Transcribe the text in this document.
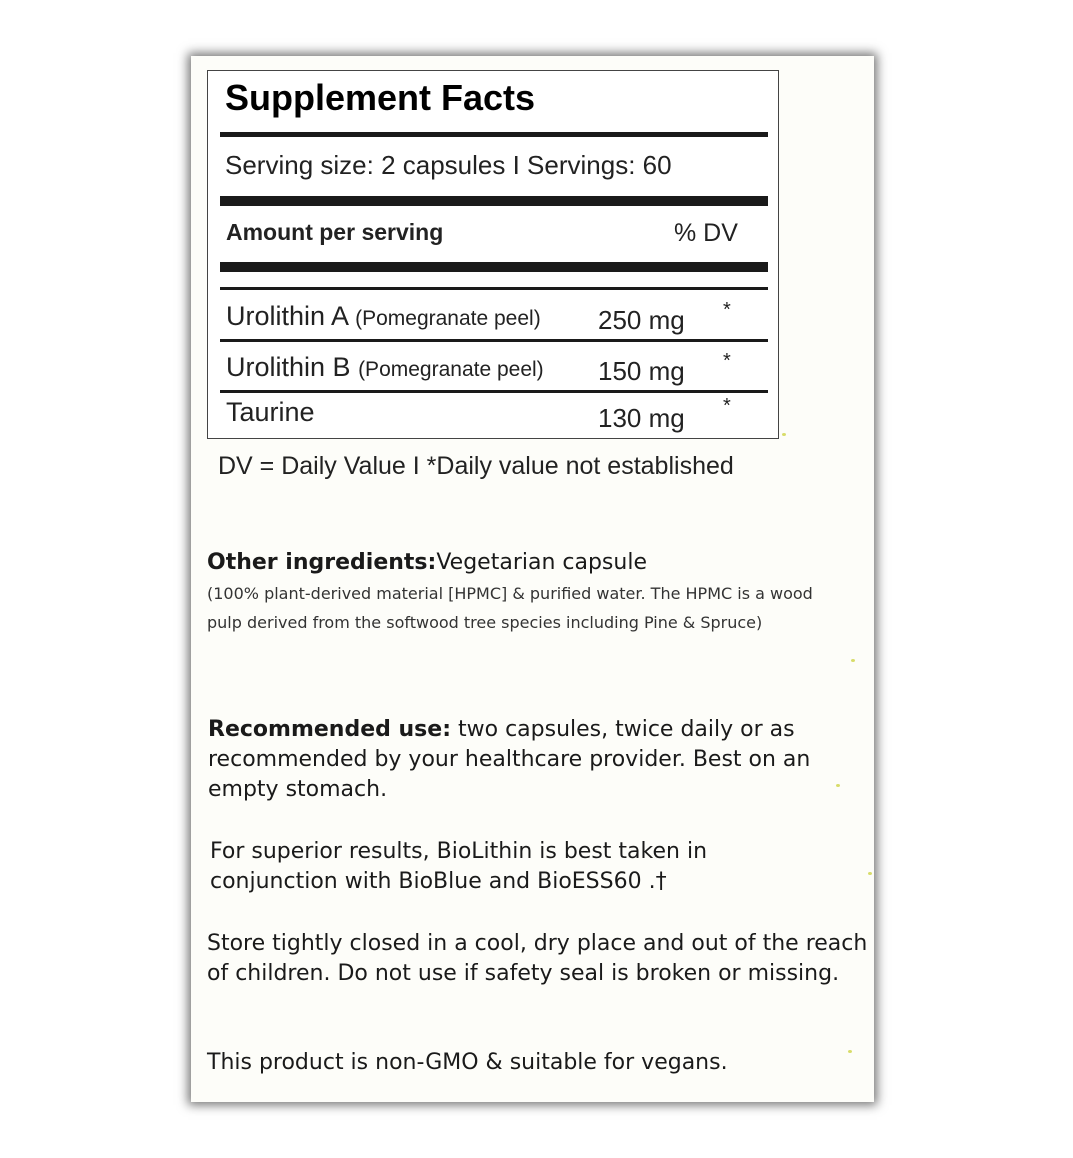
Supplement Facts
Serving size: 2 capsules I Servings: 60
Amount per serving	% DV
Urolithin A (Pomegranate peel) 250 mg *
Urolithin B (Pomegranate peel) 150 mg *
Taurine	130 mg *
DV = Daily Value I *Daily value not established
Other ingredients:Vegetarian capsule
(100% plant-derived material [HPMC] & purified water. The HPMC is a wood pulp derived from the softwood tree species including Pine & Spruce)
Recommended use: two capsules, twice daily or as recommended by your healthcare provider. Best on an empty stomach.
For superior results, BioLithin is best taken in conjunction with BioBlue and BioESS60 .†
Store tightly closed in a cool, dry place and out of the reach of children. Do not use if safety seal is broken or missing.
This product is non-GMO & suitable for vegans.
